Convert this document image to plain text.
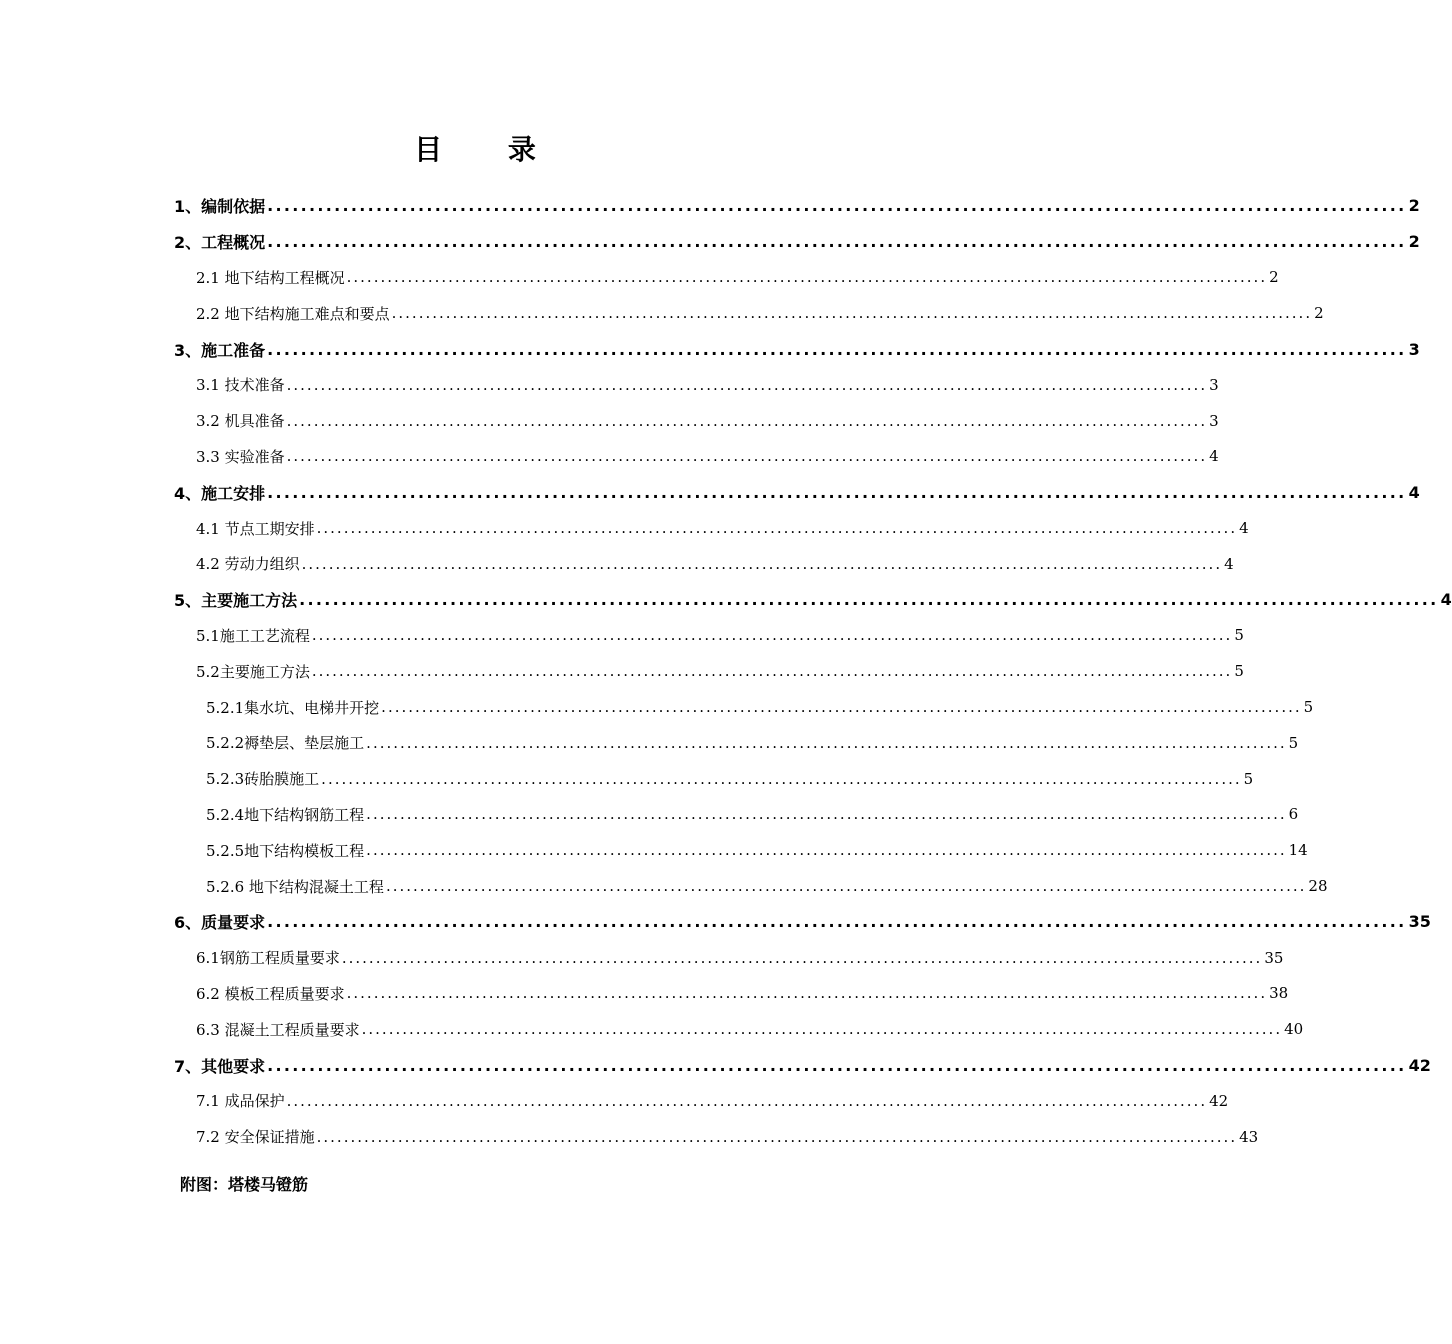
目 录
1、编制依据 ........................................................................................................................................ 2
2、工程概况 ........................................................................................................................................ 2
2.1 地下结构工程概况 ........................................................................................................................................ 2
2.2 地下结构施工难点和要点 ........................................................................................................................................ 2
3、施工准备 ........................................................................................................................................ 3
3.1 技术准备 ........................................................................................................................................ 3
3.2 机具准备 ........................................................................................................................................ 3
3.3 实验准备 ........................................................................................................................................ 4
4、施工安排 ........................................................................................................................................ 4
4.1 节点工期安排 ........................................................................................................................................ 4
4.2 劳动力组织 ........................................................................................................................................ 4
5、主要施工方法 ........................................................................................................................................ 4
5.1施工工艺流程 ........................................................................................................................................ 5
5.2主要施工方法 ........................................................................................................................................ 5
5.2.1集水坑、电梯井开挖 ........................................................................................................................................ 5
5.2.2褥垫层、垫层施工 ........................................................................................................................................ 5
5.2.3砖胎膜施工 ........................................................................................................................................ 5
5.2.4地下结构钢筋工程 ........................................................................................................................................ 6
5.2.5地下结构模板工程 ........................................................................................................................................ 14
5.2.6 地下结构混凝土工程 ........................................................................................................................................ 28
6、质量要求 ........................................................................................................................................ 35
6.1钢筋工程质量要求 ........................................................................................................................................ 35
6.2 模板工程质量要求 ........................................................................................................................................ 38
6.3 混凝土工程质量要求 ........................................................................................................................................ 40
7、其他要求 ........................................................................................................................................ 42
7.1 成品保护 ........................................................................................................................................ 42
7.2 安全保证措施 ........................................................................................................................................ 43
附图：塔楼马镫筋
